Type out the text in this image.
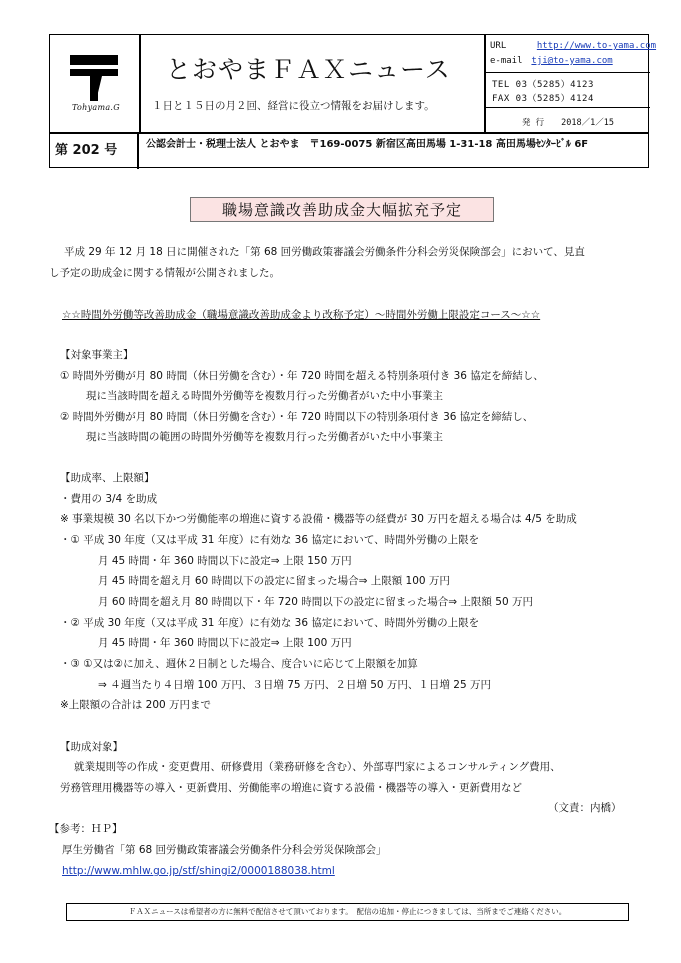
Tohyama.G
とおやまＦＡＸニュース
１日と１５日の月２回、経営に役立つ情報をお届けします。
URL	http://www.to-yama.com
e-mail tji@to-yama.com
TEL 03（5285）4123
FAX 03（5285）4124
発 行　　2018／1／15
第 202 号	公認会計士・税理士法人 とおやま　〒169-0075 新宿区高田馬場 1-31-18 高田馬場ｾﾝﾀｰﾋﾞﾙ 6F
職場意識改善助成金大幅拡充予定
平成 29 年 12 月 18 日に開催された「第 68 回労働政策審議会労働条件分科会労災保険部会」において、見直
し予定の助成金に関する情報が公開されました。
☆☆時間外労働等改善助成金（職場意識改善助成金より改称予定）～時間外労働上限設定コース～☆☆
【対象事業主】
① 時間外労働が月 80 時間（休日労働を含む）・年 720 時間を超える特別条項付き 36 協定を締結し、
現に当該時間を超える時間外労働等を複数月行った労働者がいた中小事業主
② 時間外労働が月 80 時間（休日労働を含む）・年 720 時間以下の特別条項付き 36 協定を締結し、
現に当該時間の範囲の時間外労働等を複数月行った労働者がいた中小事業主
【助成率、上限額】
・費用の 3/4 を助成
※ 事業規模 30 名以下かつ労働能率の増進に資する設備・機器等の経費が 30 万円を超える場合は 4/5 を助成
・① 平成 30 年度（又は平成 31 年度）に有効な 36 協定において、時間外労働の上限を
月 45 時間・年 360 時間以下に設定⇒ 上限 150 万円
月 45 時間を超え月 60 時間以下の設定に留まった場合⇒ 上限額 100 万円
月 60 時間を超え月 80 時間以下・年 720 時間以下の設定に留まった場合⇒ 上限額 50 万円
・② 平成 30 年度（又は平成 31 年度）に有効な 36 協定において、時間外労働の上限を
月 45 時間・年 360 時間以下に設定⇒ 上限 100 万円
・③ ①又は②に加え、週休２日制とした場合、度合いに応じて上限額を加算
⇒ ４週当たり４日増 100 万円、３日増 75 万円、２日増 50 万円、１日増 25 万円
※上限額の合計は 200 万円まで
【助成対象】
就業規則等の作成・変更費用、研修費用（業務研修を含む）、外部専門家によるコンサルティング費用、
労務管理用機器等の導入・更新費用、労働能率の増進に資する設備・機器等の導入・更新費用など
（文責：内橋）
【参考：ＨＰ】
厚生労働省「第 68 回労働政策審議会労働条件分科会労災保険部会」
http://www.mhlw.go.jp/stf/shingi2/0000188038.html
ＦＡＸニュースは希望者の方に無料で配信させて頂いております。　配信の追加・停止につきましては、当所までご連絡ください。
